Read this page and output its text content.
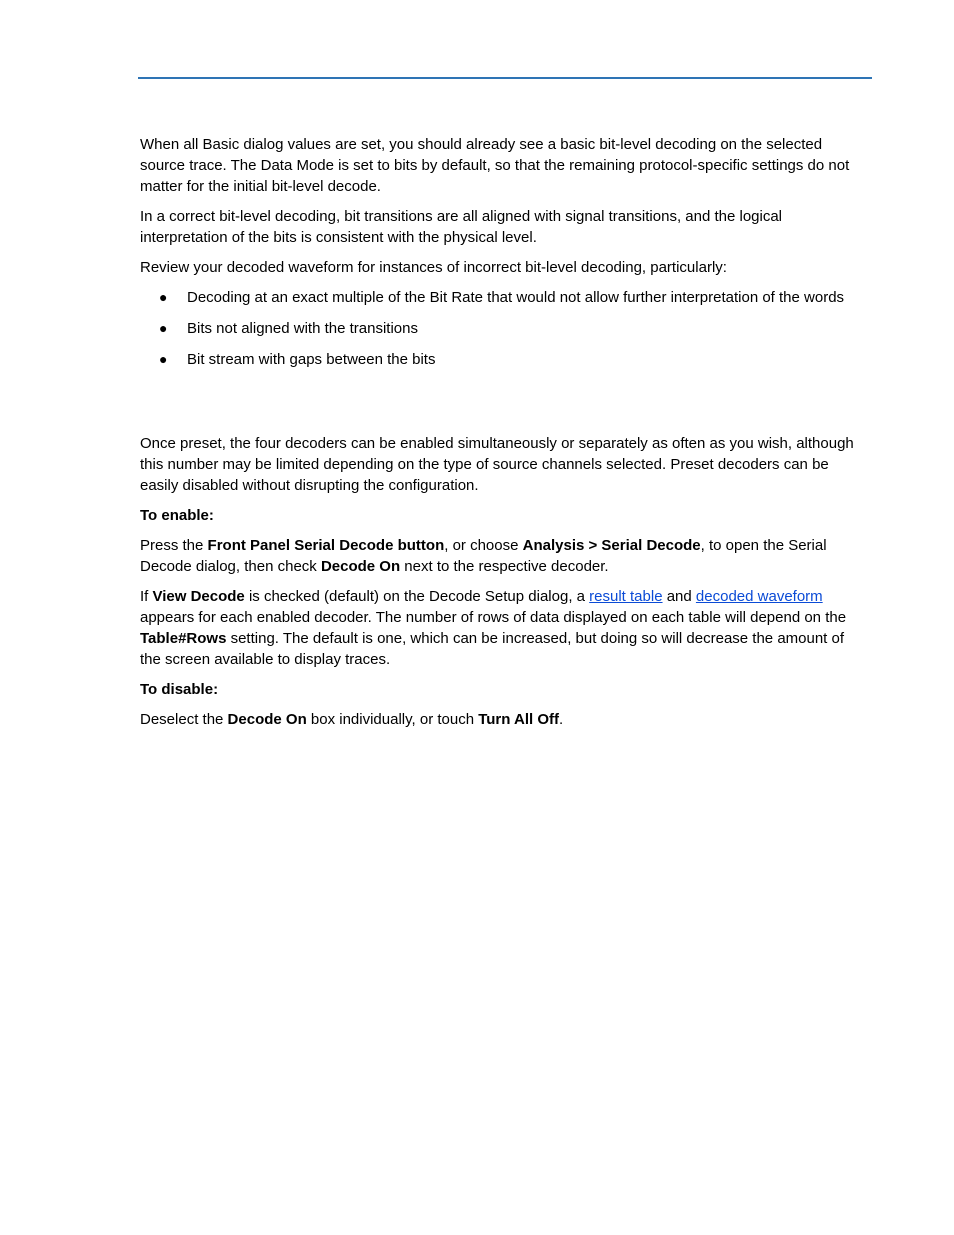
When all Basic dialog values are set, you should already see a basic bit-level decoding on the selected source trace. The Data Mode is set to bits by default, so that the remaining protocol-specific settings do not matter for the initial bit-level decode.

In a correct bit-level decoding, bit transitions are all aligned with signal transitions, and the logical interpretation of the bits is consistent with the physical level.

Review your decoded waveform for instances of incorrect bit-level decoding, particularly:

● Decoding at an exact multiple of the Bit Rate that would not allow further interpretation of the words
● Bits not aligned with the transitions
● Bit stream with gaps between the bits

Once preset, the four decoders can be enabled simultaneously or separately as often as you wish, although this number may be limited depending on the type of source channels selected. Preset decoders can be easily disabled without disrupting the configuration.

To enable:

Press the Front Panel Serial Decode button, or choose Analysis > Serial Decode, to open the Serial Decode dialog, then check Decode On next to the respective decoder.

If View Decode is checked (default) on the Decode Setup dialog, a result table and decoded waveform appears for each enabled decoder. The number of rows of data displayed on each table will depend on the Table#Rows setting. The default is one, which can be increased, but doing so will decrease the amount of the screen available to display traces.

To disable:

Deselect the Decode On box individually, or touch Turn All Off.
